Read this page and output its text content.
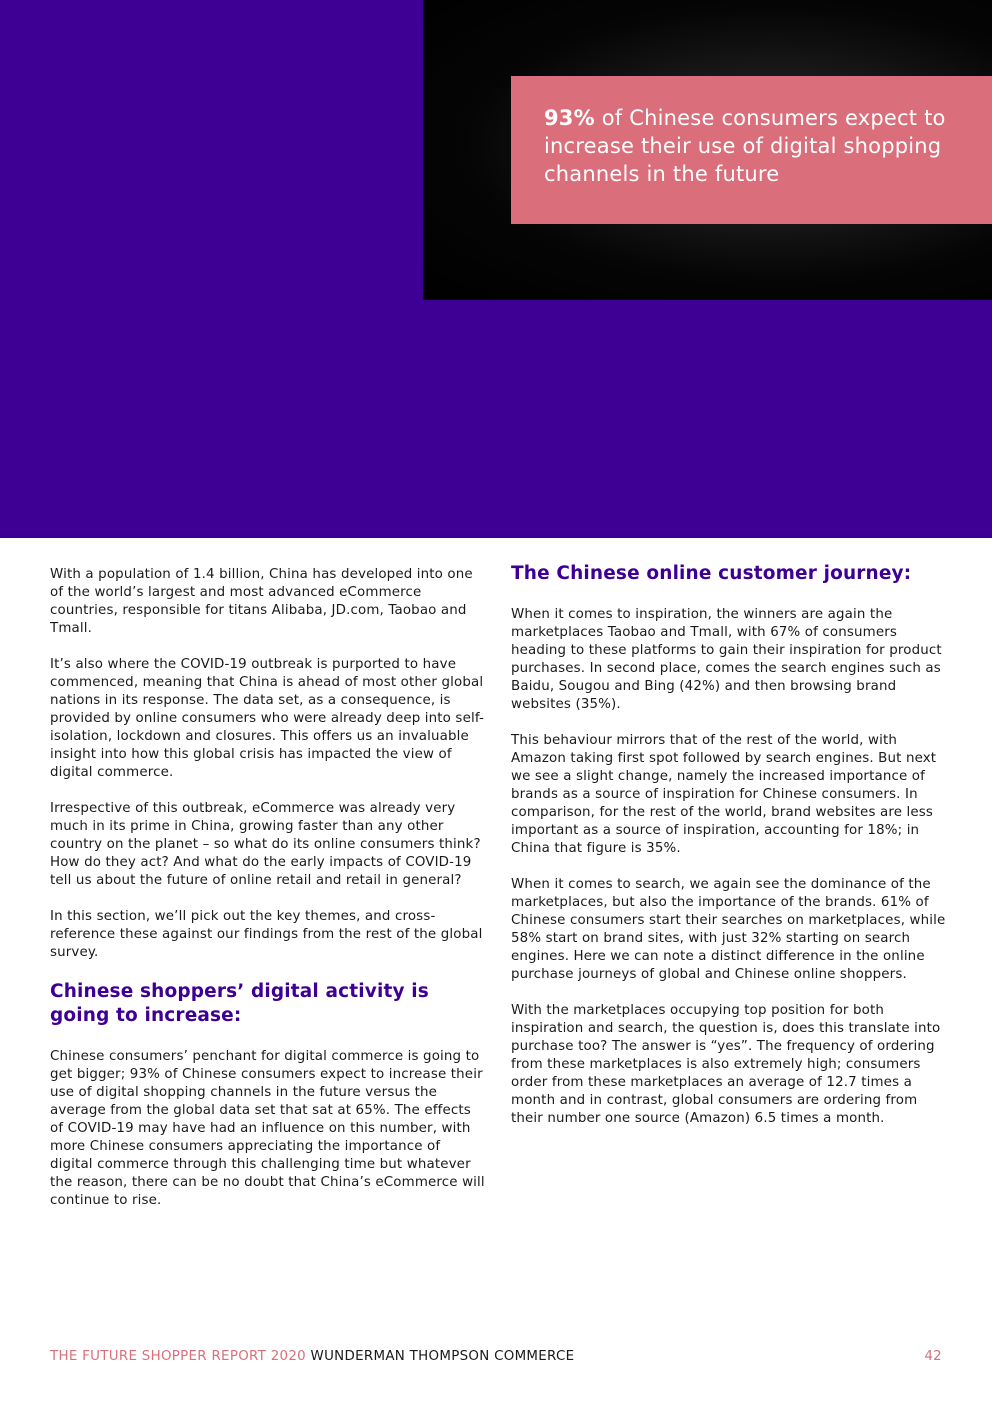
93% of Chinese consumers expect to increase their use of digital shopping channels in the future

With a population of 1.4 billion, China has developed into one of the world’s largest and most advanced eCommerce countries, responsible for titans Alibaba, JD.com, Taobao and Tmall.

It’s also where the COVID-19 outbreak is purported to have commenced, meaning that China is ahead of most other global nations in its response. The data set, as a consequence, is provided by online consumers who were already deep into self-isolation, lockdown and closures. This offers us an invaluable insight into how this global crisis has impacted the view of digital commerce.

Irrespective of this outbreak, eCommerce was already very much in its prime in China, growing faster than any other country on the planet – so what do its online consumers think? How do they act? And what do the early impacts of COVID-19 tell us about the future of online retail and retail in general?

In this section, we’ll pick out the key themes, and cross-reference these against our findings from the rest of the global survey.

Chinese shoppers’ digital activity is going to increase:

Chinese consumers’ penchant for digital commerce is going to get bigger; 93% of Chinese consumers expect to increase their use of digital shopping channels in the future versus the average from the global data set that sat at 65%. The effects of COVID-19 may have had an influence on this number, with more Chinese consumers appreciating the importance of digital commerce through this challenging time but whatever the reason, there can be no doubt that China’s eCommerce will continue to rise.

The Chinese online customer journey:

When it comes to inspiration, the winners are again the marketplaces Taobao and Tmall, with 67% of consumers heading to these platforms to gain their inspiration for product purchases. In second place, comes the search engines such as Baidu, Sougou and Bing (42%) and then browsing brand websites (35%).

This behaviour mirrors that of the rest of the world, with Amazon taking first spot followed by search engines. But next we see a slight change, namely the increased importance of brands as a source of inspiration for Chinese consumers. In comparison, for the rest of the world, brand websites are less important as a source of inspiration, accounting for 18%; in China that figure is 35%.

When it comes to search, we again see the dominance of the marketplaces, but also the importance of the brands. 61% of Chinese consumers start their searches on marketplaces, while 58% start on brand sites, with just 32% starting on search engines. Here we can note a distinct difference in the online purchase journeys of global and Chinese online shoppers.

With the marketplaces occupying top position for both inspiration and search, the question is, does this translate into purchase too? The answer is “yes”. The frequency of ordering from these marketplaces is also extremely high; consumers order from these marketplaces an average of 12.7 times a month and in contrast, global consumers are ordering from their number one source (Amazon) 6.5 times a month.

THE FUTURE SHOPPER REPORT 2020 WUNDERMAN THOMPSON COMMERCE	42
